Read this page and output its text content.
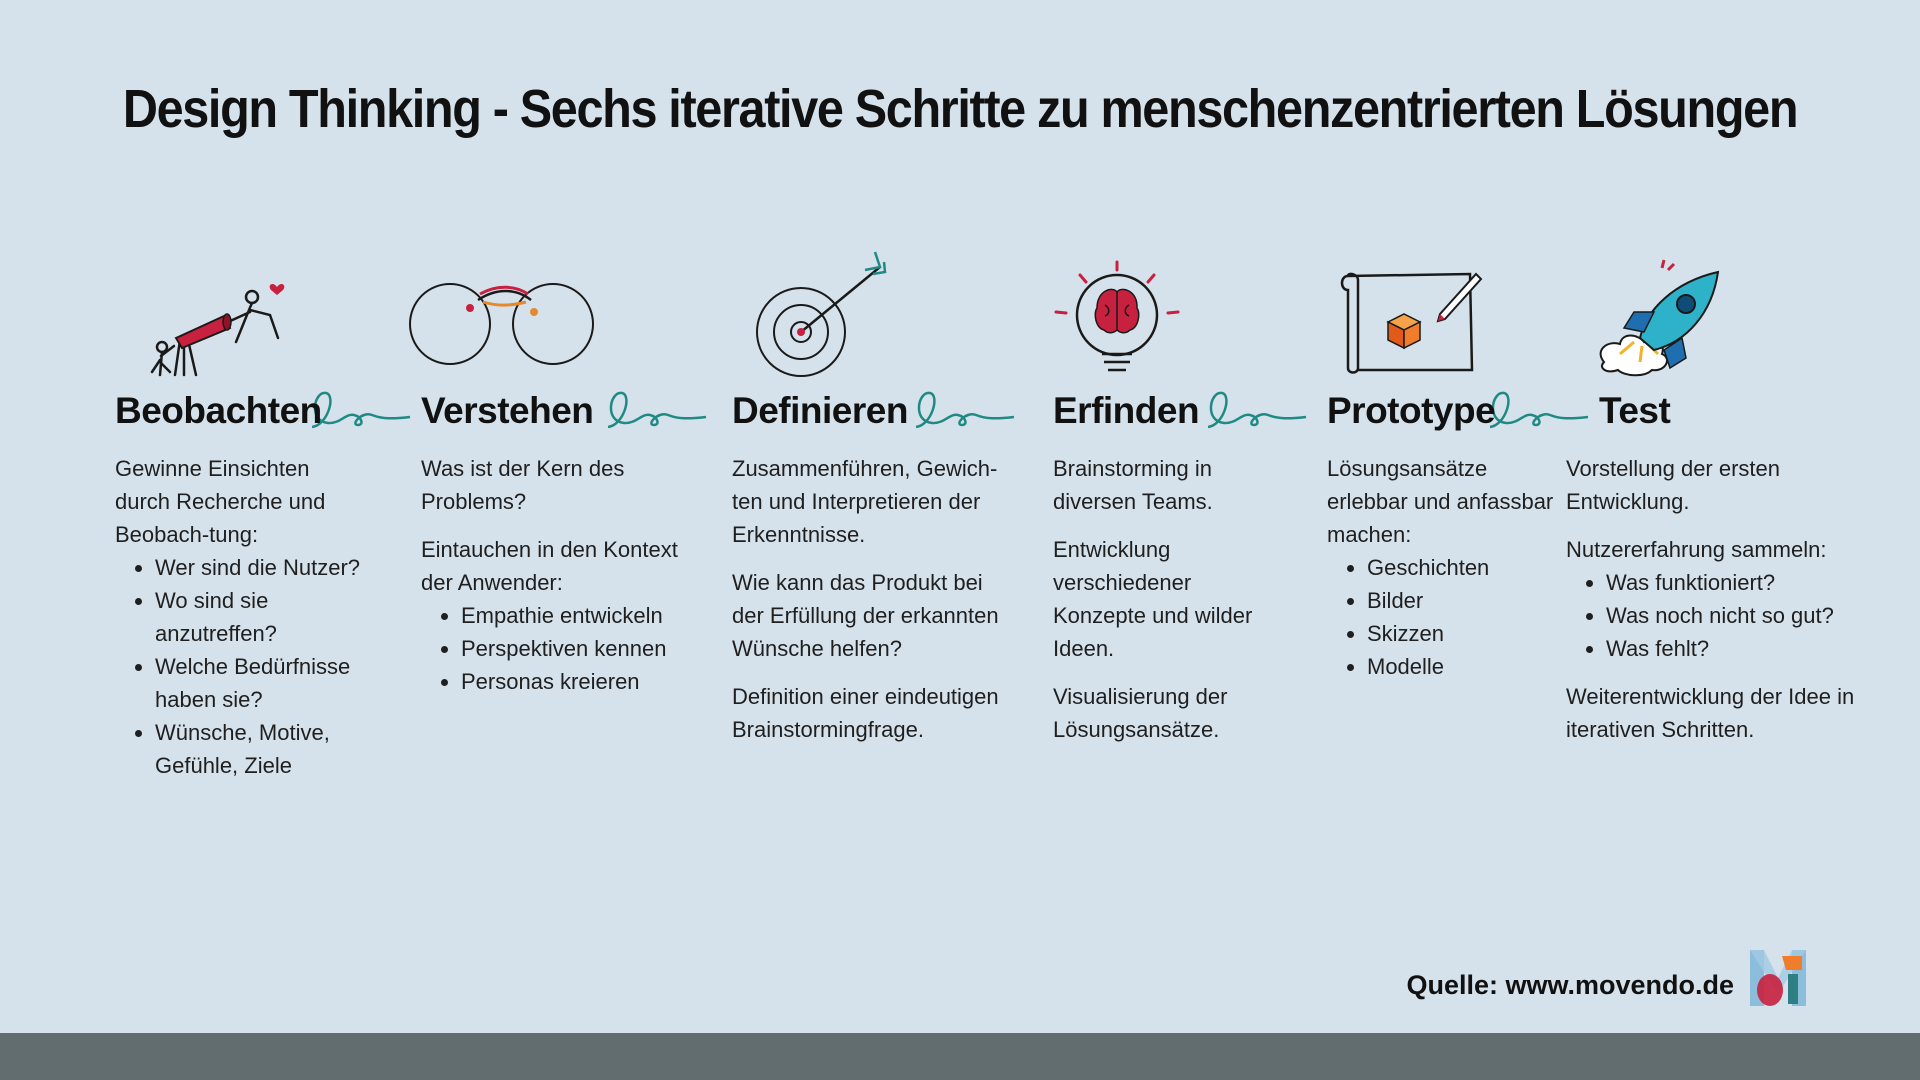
Design Thinking - Sechs iterative Schritte zu menschenzentrierten Lösungen
Beobachten

Gewinne Einsichten durch Recherche und Beobach-tung:

• Wer sind die Nutzer?
• Wo sind sie anzutreffen?
• Welche Bedürfnisse haben sie?
• Wünsche, Motive, Gefühle, Ziele
Verstehen

Was ist der Kern des Problems?

Eintauchen in den Kontext der Anwender:

• Empathie entwickeln
• Perspektiven kennen
• Personas kreieren
Definieren

Zusammenführen, Gewich-ten und Interpretieren der Erkenntnisse.

Wie kann das Produkt bei der Erfüllung der erkannten Wünsche helfen?

Definition einer eindeutigen Brainstormingfrage.

Erfinden

Brainstorming in diversen Teams.

Entwicklung verschiedener Konzepte und wilder Ideen.

Visualisierung der Lösungsansätze.

Prototype

Lösungsansätze erlebbar und anfassbar machen:

• Geschichten
• Bilder
• Skizzen
• Modelle
Test

Vorstellung der ersten Entwicklung.

Nutzererfahrung sammeln:

• Was funktioniert?
• Was noch nicht so gut?
• Was fehlt?

Weiterentwicklung der Idee in iterativen Schritten.

Quelle: www.movendo.de
